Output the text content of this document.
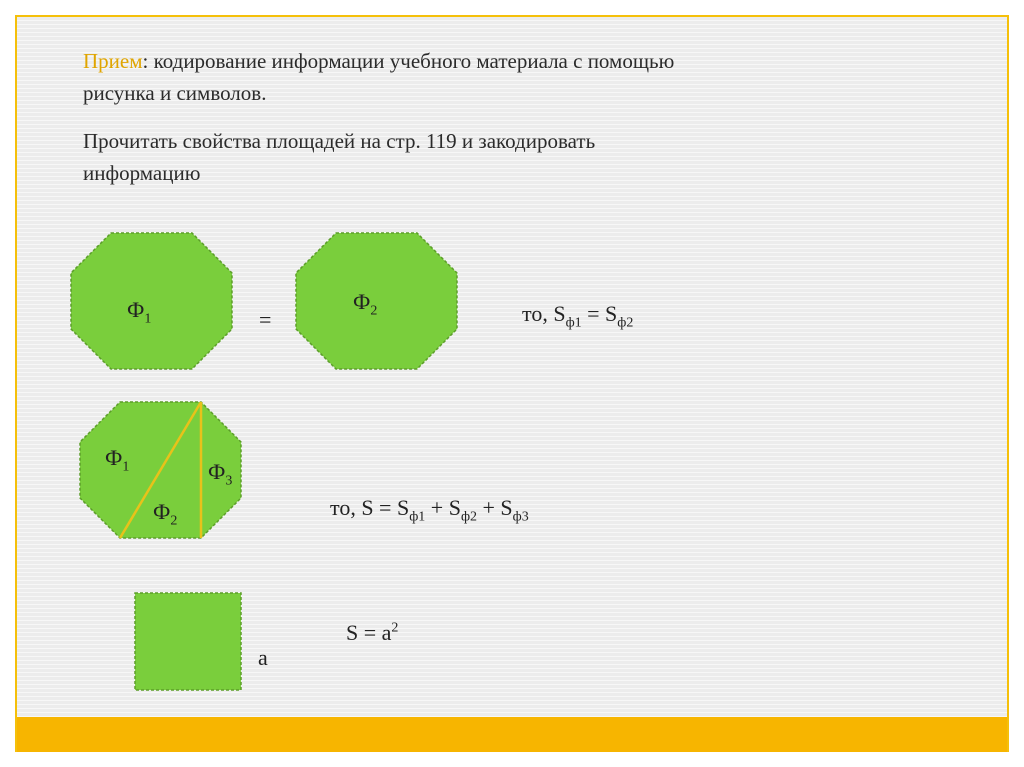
Прием: кодирование информации учебного материала с помощью
рисунка и символов.
Прочитать свойства площадей на стр. 119 и закодировать
информацию
$Ф_1$	=
$Ф_2$	то, $S_{ф1} = S_{ф2}$
$Ф_1$
$Ф_2$
$Ф_3$
то, $S = S_{ф1} + S_{ф2} + S_{ф3}$
а
$S = а^2$
